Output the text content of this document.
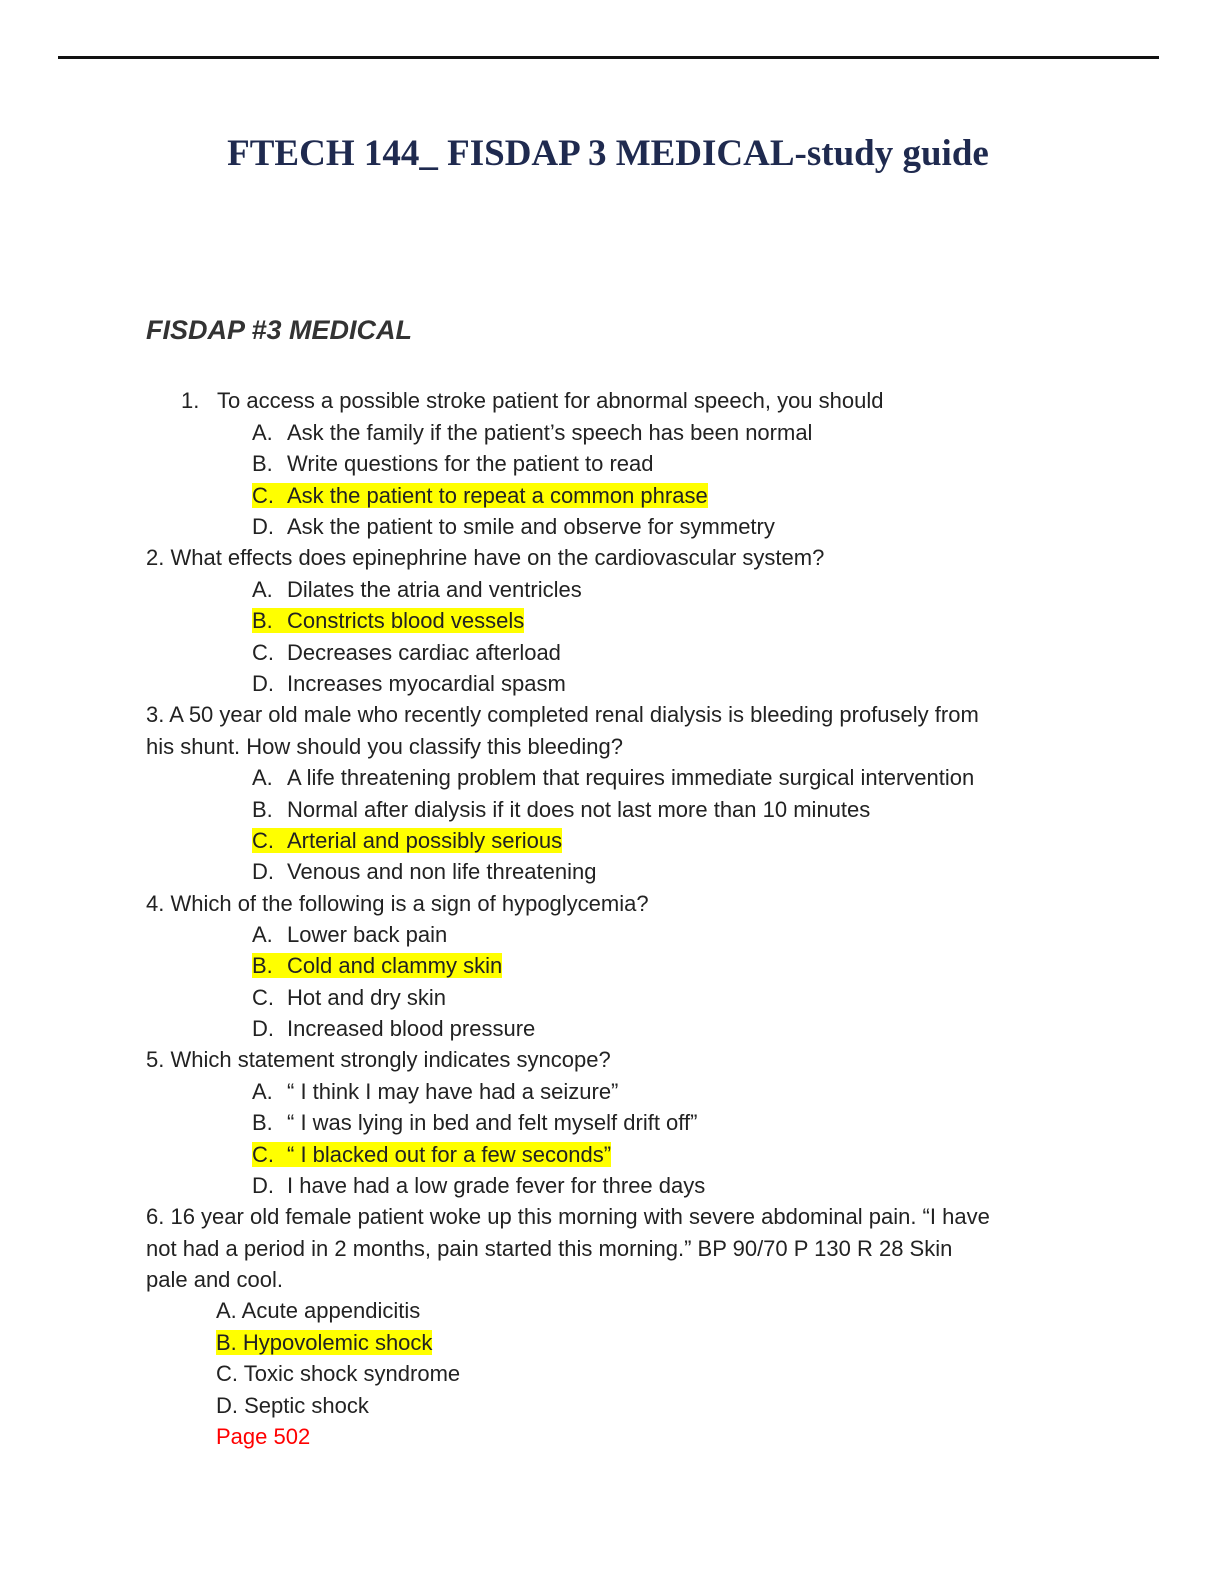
FTECH 144_ FISDAP 3 MEDICAL-study guide
FISDAP #3 MEDICAL
1. To access a possible stroke patient for abnormal speech, you should
A. Ask the family if the patient’s speech has been normal
B. Write questions for the patient to read
C. Ask the patient to repeat a common phrase
D. Ask the patient to smile and observe for symmetry
2. What effects does epinephrine have on the cardiovascular system?
A. Dilates the atria and ventricles
B. Constricts blood vessels
C. Decreases cardiac afterload
D. Increases myocardial spasm
3. A 50 year old male who recently completed renal dialysis is bleeding profusely from
his shunt. How should you classify this bleeding?
A. A life threatening problem that requires immediate surgical intervention
B. Normal after dialysis if it does not last more than 10 minutes
C. Arterial and possibly serious
D. Venous and non life threatening
4. Which of the following is a sign of hypoglycemia?
A. Lower back pain
B. Cold and clammy skin
C. Hot and dry skin
D. Increased blood pressure
5. Which statement strongly indicates syncope?
A. “ I think I may have had a seizure”
B. “ I was lying in bed and felt myself drift off”
C. “ I blacked out for a few seconds”
D. I have had a low grade fever for three days
6. 16 year old female patient woke up this morning with severe abdominal pain. “I have
not had a period in 2 months, pain started this morning.” BP 90/70 P 130 R 28 Skin
pale and cool.
A. Acute appendicitis
B. Hypovolemic shock
C. Toxic shock syndrome
D. Septic shock
Page 502
